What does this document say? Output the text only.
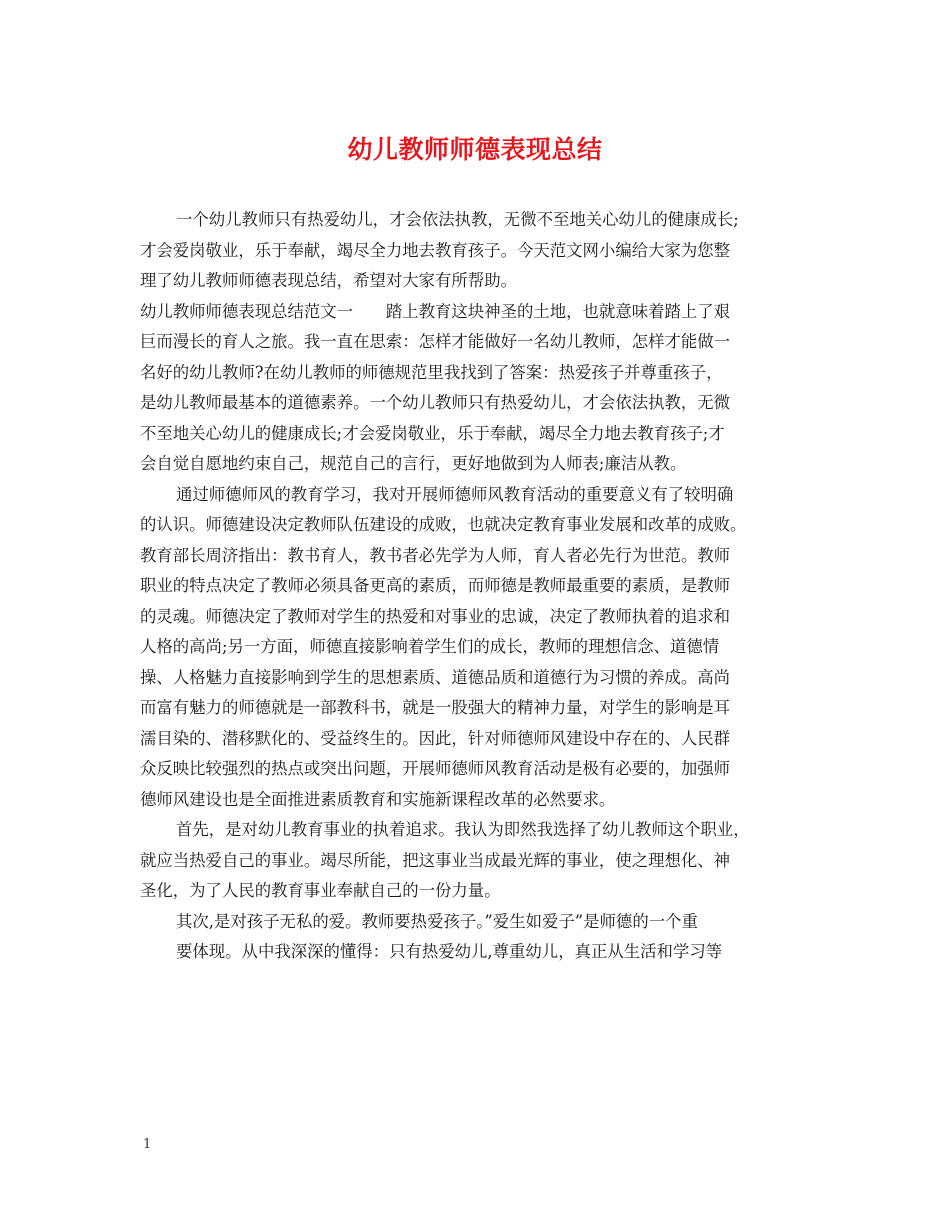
幼儿教师师德表现总结
一个幼儿教师只有热爱幼儿，才会依法执教，无微不至地关心幼儿的健康成长;
才会爱岗敬业，乐于奉献，竭尽全力地去教育孩子。今天范文网小编给大家为您整
理了幼儿教师师德表现总结，希望对大家有所帮助。
幼儿教师师德表现总结范文一　　踏上教育这块神圣的土地，也就意味着踏上了艰
巨而漫长的育人之旅。我一直在思索：怎样才能做好一名幼儿教师，怎样才能做一
名好的幼儿教师?在幼儿教师的师德规范里我找到了答案：热爱孩子并尊重孩子，
是幼儿教师最基本的道德素养。一个幼儿教师只有热爱幼儿，才会依法执教，无微
不至地关心幼儿的健康成长;才会爱岗敬业，乐于奉献，竭尽全力地去教育孩子;才
会自觉自愿地约束自己，规范自己的言行，更好地做到为人师表;廉洁从教。
通过师德师风的教育学习，我对开展师德师风教育活动的重要意义有了较明确
的认识。师德建设决定教师队伍建设的成败，也就决定教育事业发展和改革的成败。
教育部长周济指出：教书育人，教书者必先学为人师，育人者必先行为世范。教师
职业的特点决定了教师必须具备更高的素质，而师德是教师最重要的素质，是教师
的灵魂。师德决定了教师对学生的热爱和对事业的忠诚，决定了教师执着的追求和
人格的高尚;另一方面，师德直接影响着学生们的成长，教师的理想信念、道德情
操、人格魅力直接影响到学生的思想素质、道德品质和道德行为习惯的养成。高尚
而富有魅力的师德就是一部教科书，就是一股强大的精神力量，对学生的影响是耳
濡目染的、潜移默化的、受益终生的。因此，针对师德师风建设中存在的、人民群
众反映比较强烈的热点或突出问题，开展师德师风教育活动是极有必要的，加强师
德师风建设也是全面推进素质教育和实施新课程改革的必然要求。
首先，是对幼儿教育事业的执着追求。我认为即然我选择了幼儿教师这个职业，
就应当热爱自己的事业。竭尽所能，把这事业当成最光辉的事业，使之理想化、神
圣化，为了人民的教育事业奉献自己的一份力量。
其次,是对孩子无私的爱。教师要热爱孩子。”爱生如爱子”是师德的一个重
要体现。从中我深深的懂得：只有热爱幼儿,尊重幼儿，真正从生活和学习等
1
